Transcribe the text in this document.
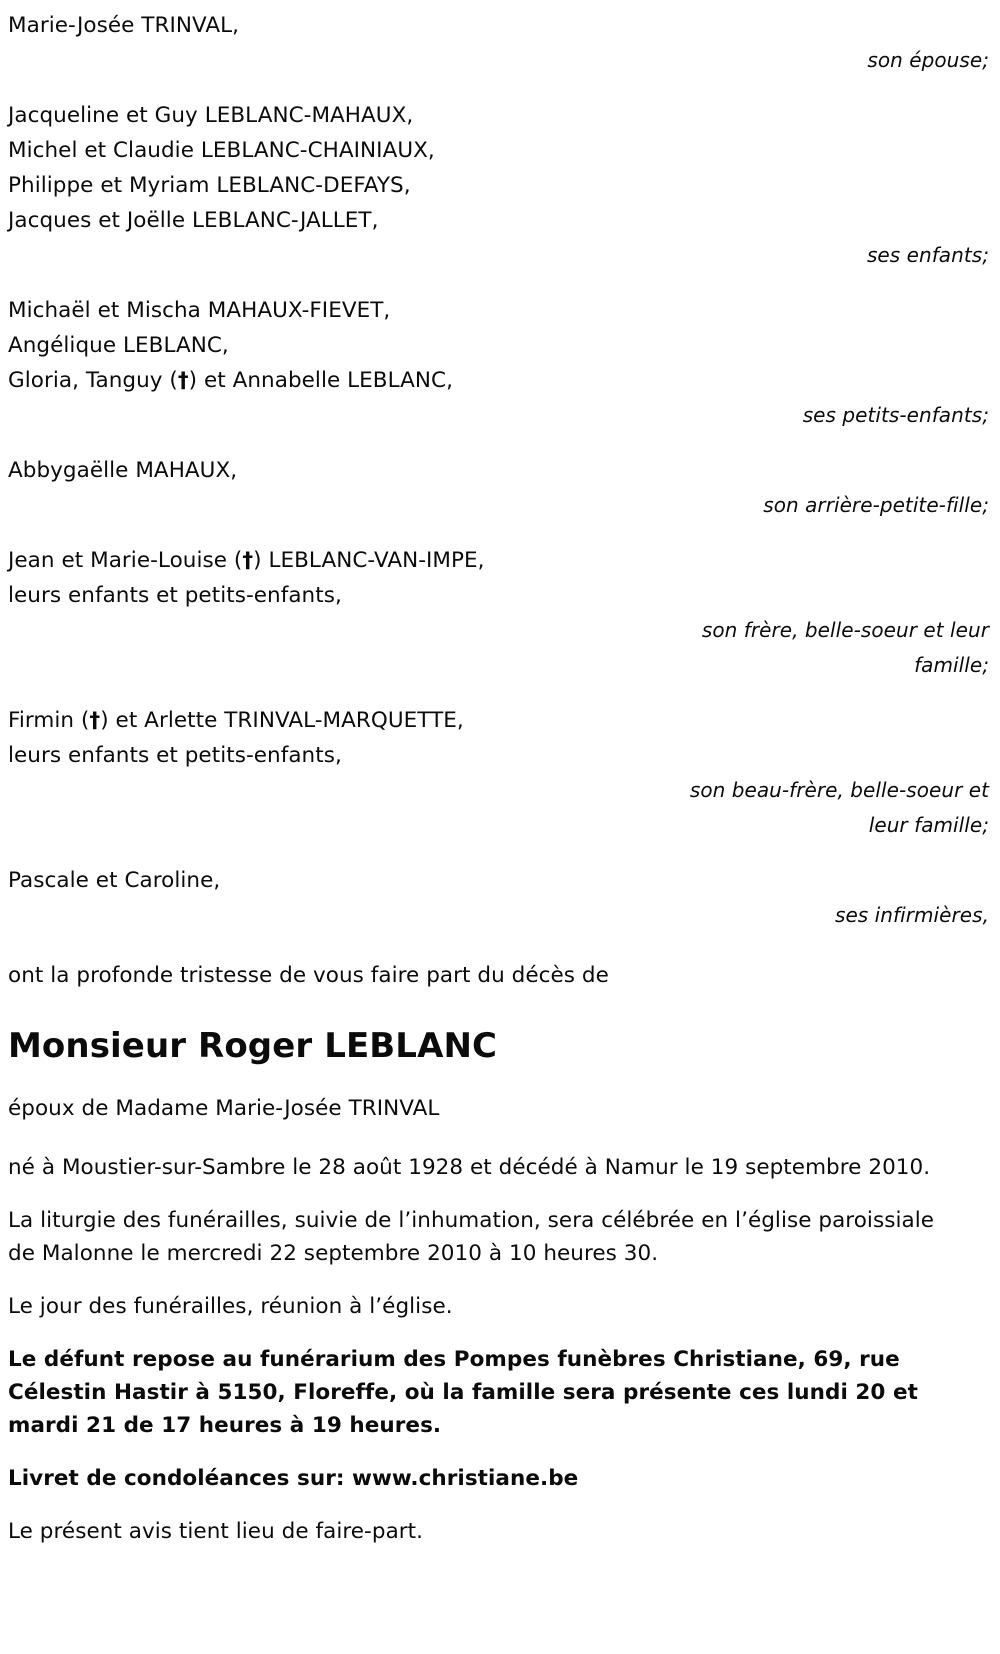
Marie-Josée TRINVAL,
son épouse;
Jacqueline et Guy LEBLANC-MAHAUX,
Michel et Claudie LEBLANC-CHAINIAUX,
Philippe et Myriam LEBLANC-DEFAYS,
Jacques et Joëlle LEBLANC-JALLET,
ses enfants;
Michaël et Mischa MAHAUX-FIEVET,
Angélique LEBLANC,
Gloria, Tanguy (†) et Annabelle LEBLANC,
ses petits-enfants;
Abbygaëlle MAHAUX,
son arrière-petite-fille;
Jean et Marie-Louise (†) LEBLANC-VAN-IMPE,
leurs enfants et petits-enfants,
son frère, belle-soeur et leur famille;
Firmin (†) et Arlette TRINVAL-MARQUETTE,
leurs enfants et petits-enfants,
son beau-frère, belle-soeur et leur famille;
Pascale et Caroline,
ses infirmières,

ont la profonde tristesse de vous faire part du décès de

Monsieur Roger LEBLANC

époux de Madame Marie-Josée TRINVAL

né à Moustier-sur-Sambre le 28 août 1928 et décédé à Namur le 19 septembre 2010.

La liturgie des funérailles, suivie de l’inhumation, sera célébrée en l’église paroissiale de Malonne le mercredi 22 septembre 2010 à 10 heures 30.

Le jour des funérailles, réunion à l’église.

Le défunt repose au funérarium des Pompes funèbres Christiane, 69, rue Célestin Hastir à 5150, Floreffe, où la famille sera présente ces lundi 20 et mardi 21 de 17 heures à 19 heures.

Livret de condoléances sur: www.christiane.be

Le présent avis tient lieu de faire-part.
